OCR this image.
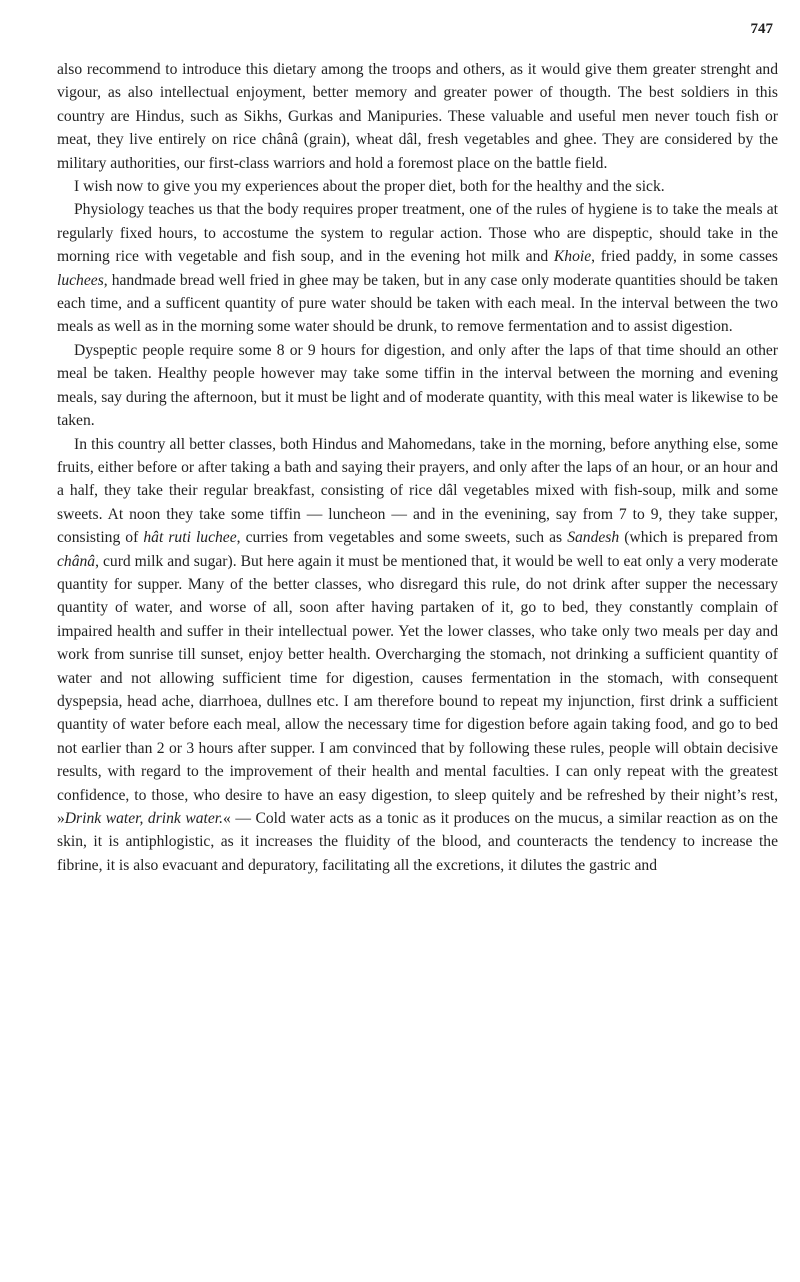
747

also recommend to introduce this dietary among the troops and others, as it would give them greater strenght and vigour, as also intellectual enjoyment, better memory and greater power of thougth. The best soldiers in this country are Hindus, such as Sikhs, Gurkas and Manipuries. These valuable and useful men never touch fish or meat, they live entirely on rice chânâ (grain), wheat dâl, fresh vegetables and ghee. They are considered by the military authorities, our first-class warriors and hold a foremost place on the battle field.

I wish now to give you my experiences about the proper diet, both for the healthy and the sick.

Physiology teaches us that the body requires proper treatment, one of the rules of hygiene is to take the meals at regularly fixed hours, to accostume the system to regular action. Those who are dispeptic, should take in the morning rice with vegetable and fish soup, and in the evening hot milk and Khoie, fried paddy, in some casses luchees, handmade bread well fried in ghee may be taken, but in any case only moderate quantities should be taken each time, and a sufficent quantity of pure water should be taken with each meal. In the interval between the two meals as well as in the morning some water should be drunk, to remove fermentation and to assist digestion.

Dyspeptic people require some 8 or 9 hours for digestion, and only after the laps of that time should an other meal be taken. Healthy people however may take some tiffin in the interval between the morning and evening meals, say during the afternoon, but it must be light and of moderate quantity, with this meal water is likewise to be taken.

In this country all better classes, both Hindus and Mahomedans, take in the morning, before anything else, some fruits, either before or after taking a bath and saying their prayers, and only after the laps of an hour, or an hour and a half, they take their regular breakfast, consisting of rice dâl vegetables mixed with fish-soup, milk and some sweets. At noon they take some tiffin — luncheon — and in the evenining, say from 7 to 9, they take supper, consisting of hât ruti luchee, curries from vegetables and some sweets, such as Sandesh (which is prepared from chânâ, curd milk and sugar). But here again it must be mentioned that, it would be well to eat only a very moderate quantity for supper. Many of the better classes, who disregard this rule, do not drink after supper the necessary quantity of water, and worse of all, soon after having partaken of it, go to bed, they constantly complain of impaired health and suffer in their intellectual power. Yet the lower classes, who take only two meals per day and work from sunrise till sunset, enjoy better health. Overcharging the stomach, not drinking a sufficient quantity of water and not allowing sufficient time for digestion, causes fermentation in the stomach, with consequent dyspepsia, head ache, diarrhoea, dullnes etc. I am therefore bound to repeat my injunction, first drink a sufficient quantity of water before each meal, allow the necessary time for digestion before again taking food, and go to bed not earlier than 2 or 3 hours after supper. I am convinced that by following these rules, people will obtain decisive results, with regard to the improvement of their health and mental faculties. I can only repeat with the greatest confidence, to those, who desire to have an easy digestion, to sleep quitely and be refreshed by their night’s rest, »Drink water, drink water.« — Cold water acts as a tonic as it produces on the mucus, a similar reaction as on the skin, it is antiphlogistic, as it increases the fluidity of the blood, and counteracts the tendency to increase the fibrine, it is also evacuant and depuratory, facilitating all the excretions, it dilutes the gastric and
